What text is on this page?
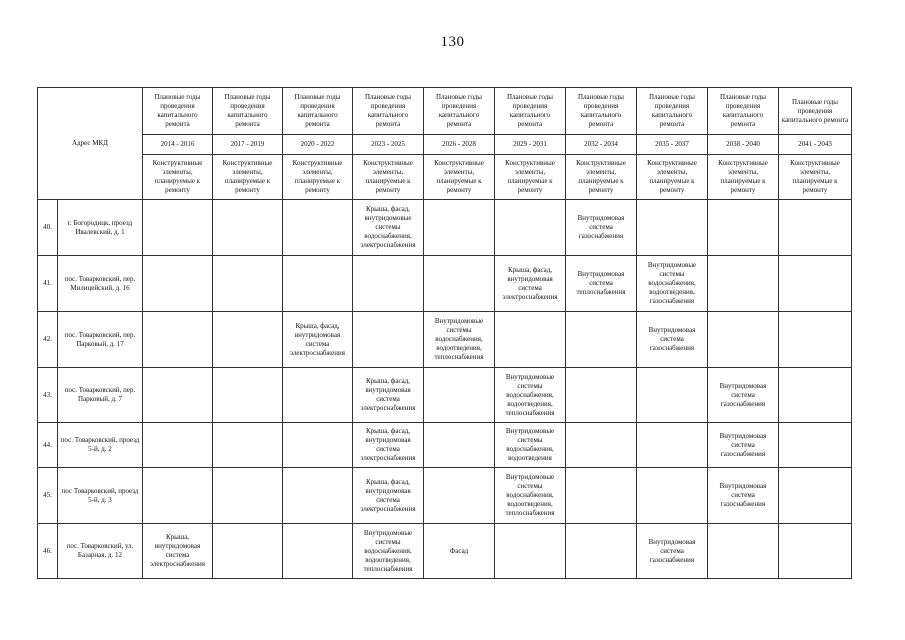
130
Адрес МКД		Плановые годы проведения капитального ремонта	Плановые годы проведения капитального ремонта	Плановые годы проведения капитального ремонта	Плановые годы проведения капитального ремонта	Плановые годы проведения капитального ремонта	Плановые годы проведения капитального ремонта	Плановые годы проведения капитального ремонта	Плановые годы проведения капитального ремонта	Плановые годы проведения капитального ремонта	Плановые годы проведения капитального ремонта
		2014 - 2016	2017 - 2019	2020 - 2022	2023 - 2025	2026 - 2028	2029 - 2031	2032 - 2034	2035 - 2037	2038 - 2040	2041 - 2043
		Конструктивные элементы, планируемые к ремонту	Конструктивные элементы, планируемые к ремонту	Конструктивные элементы, планируемые к ремонту	Конструктивные элементы, планируемые к ремонту	Конструктивные элементы, планируемые к ремонту	Конструктивные элементы, планируемые к ремонту	Конструктивные элементы, планируемые к ремонту	Конструктивные элементы, планируемые к ремонту	Конструктивные элементы, планируемые к ремонту	Конструктивные элементы, планируемые к ремонту
40.	г. Богородицк, проезд Ивалевский, д. 1				Крыша, фасад, внутридомовые системы водоснабжения, электроснабжения			Внутридомовая система газоснабжения			
41.	пос. Товарковский, пер. Милицейский, д. 16						Крыша, фасад, внутридомовая система электроснабжения	Внутридомовая система теплоснабжения	Внутридомовые системы водоснабжения, водоотведения, газоснабжения		
42.	пос. Товарковский, пер. Парковый, д. 17			Крыша, фасад, внутридомовая система электроснабжения		Внутридомовые системы водоснабжения, водоотведения, теплоснабжения			Внутридомовая система газоснабжения		
43.	пос. Товарковский, пер. Парковый, д. 7				Крыша, фасад, внутридомовая система электроснабжения		Внутридомовые системы водоснабжения, водоотведения, теплоснабжения			Внутридомовая система газоснабжения	
44.	пос. Товарковский, проезд 5-й, д. 2				Крыша, фасад, внутридомовая система электроснабжения		Внутридомовые системы водоснабжения, водоотведения			Внутридомовая система газоснабжения	
45.	пос Товарковский, проезд 5-й, д. 3				Крыша, фасад, внутридомовая система электроснабжения		Внутридомовые системы водоснабжения, водоотведения, теплоснабжения			Внутридомовая система газоснабжения	
46.	пос. Товарковский, ул. Базарная, д. 12	Крыша, внутридомовая система электроснабжения			Внутридомовые системы водоснабжения, водоотведения, теплоснабжения	Фасад			Внутридомовая система газоснабжения		
